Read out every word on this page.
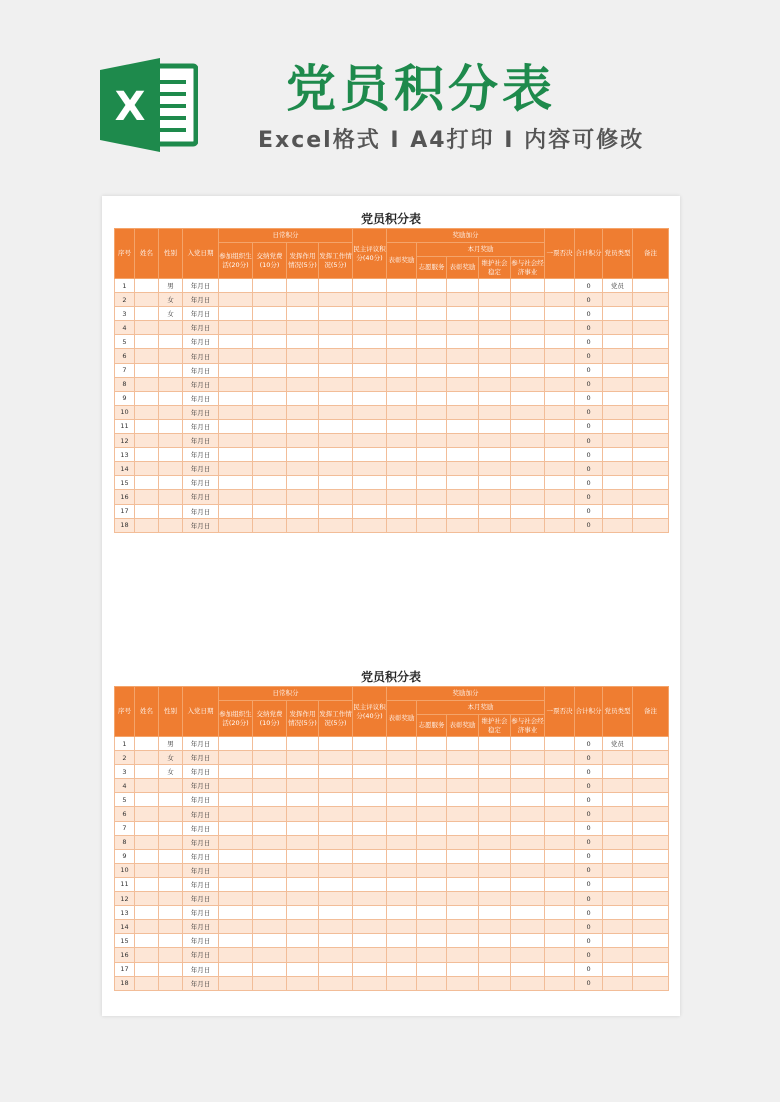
X	党员积分表
Excel格式 I A4打印 I 内容可修改
党员积分表
序号	姓名	性别	入党日期	日常积分				民主评议积分(40分)	奖励加分					一票否决	合计积分	党员类型	备注
				参加组织生活(20分)	交纳党费(10分)	发挥作用情况(5分)	发挥工作情况(5分)		表彰奖励	本月奖励							
										志愿服务	表彰奖励	维护社会稳定	参与社会经济事业				
1		男	年月日												0	党员	
2		女	年月日												0		
3		女	年月日												0		
4			年月日												0		
5			年月日												0		
6			年月日												0		
7			年月日												0		
8			年月日												0		
9			年月日												0		
10			年月日												0		
11			年月日												0		
12			年月日												0		
13			年月日												0		
14			年月日												0		
15			年月日												0		
16			年月日												0		
17			年月日												0		
18			年月日												0		
党员积分表
序号	姓名	性别	入党日期	日常积分				民主评议积分(40分)	奖励加分					一票否决	合计积分	党员类型	备注
				参加组织生活(20分)	交纳党费(10分)	发挥作用情况(5分)	发挥工作情况(5分)		表彰奖励	本月奖励							
										志愿服务	表彰奖励	维护社会稳定	参与社会经济事业				
1		男	年月日												0	党员	
2		女	年月日												0		
3		女	年月日												0		
4			年月日												0		
5			年月日												0		
6			年月日												0		
7			年月日												0		
8			年月日												0		
9			年月日												0		
10			年月日												0		
11			年月日												0		
12			年月日												0		
13			年月日												0		
14			年月日												0		
15			年月日												0		
16			年月日												0		
17			年月日												0		
18			年月日												0		
